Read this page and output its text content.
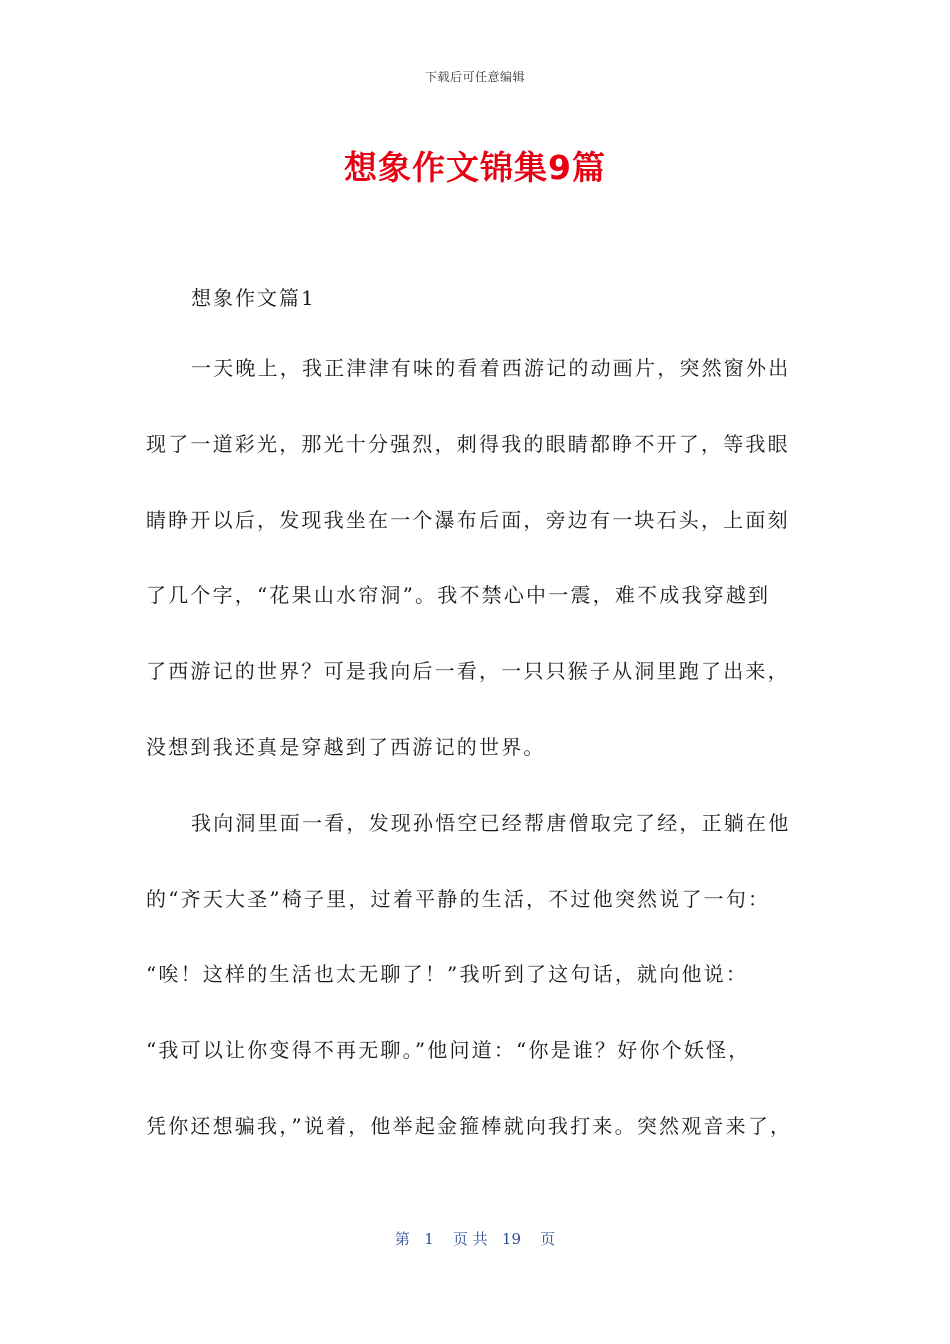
下载后可任意编辑
想象作文锦集9篇
想象作文篇1
一天晚上，我正津津有味的看着西游记的动画片，突然窗外出
现了一道彩光，那光十分强烈，刺得我的眼睛都睁不开了，等我眼
睛睁开以后，发现我坐在一个瀑布后面，旁边有一块石头，上面刻
了几个字，“花果山水帘洞”。我不禁心中一震，难不成我穿越到
了西游记的世界？可是我向后一看，一只只猴子从洞里跑了出来，
没想到我还真是穿越到了西游记的世界。
我向洞里面一看，发现孙悟空已经帮唐僧取完了经，正躺在他
的“齐天大圣”椅子里，过着平静的生活，不过他突然说了一句：
“唉！这样的生活也太无聊了！”我听到了这句话，就向他说：
“我可以让你变得不再无聊。”他问道：“你是谁？好你个妖怪，
凭你还想骗我，”说着，他举起金箍棒就向我打来。突然观音来了，
第   1    页 共   19    页
